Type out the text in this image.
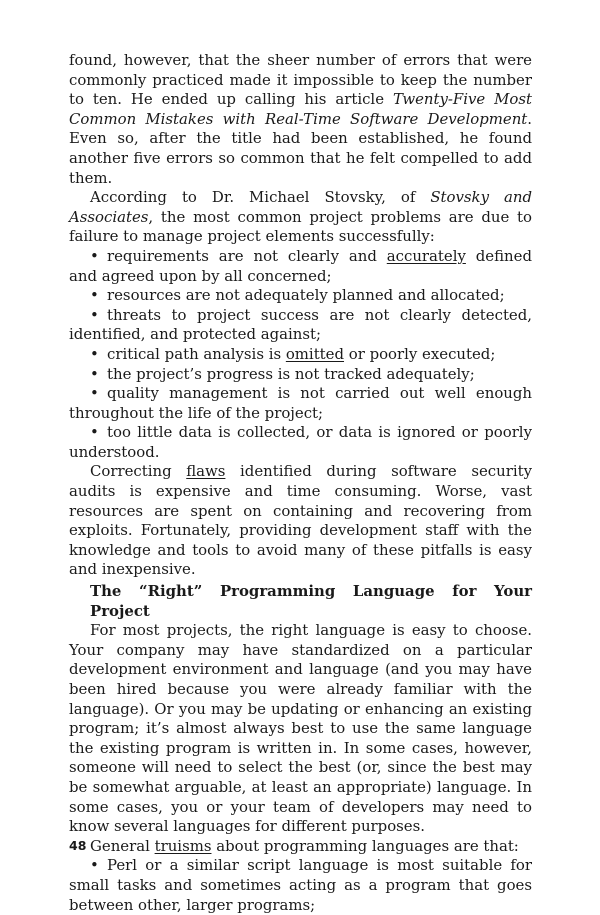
found, however, that the sheer number of errors that were commonly practiced made it impossible to keep the number to ten. He ended up calling his article Twenty-Five Most Common Mistakes with Real-Time Software Development. Even so, after the title had been established, he found another five errors so common that he felt compelled to add them.

According to Dr. Michael Stovsky, of Stovsky and Associates, the most common project problems are due to failure to manage project elements successfully:

• requirements are not clearly and accurately defined and agreed upon by all concerned;

• resources are not adequately planned and allocated;

• threats to project success are not clearly detected, identified, and protected against;

• critical path analysis is omitted or poorly executed;

• the project’s progress is not tracked adequately;

• quality management is not carried out well enough throughout the life of the project;

• too little data is collected, or data is ignored or poorly understood.

Correcting flaws identified during software security audits is expensive and time consuming. Worse, vast resources are spent on containing and recovering from exploits. Fortunately, providing development staff with the knowledge and tools to avoid many of these pitfalls is easy and inexpensive.

The “Right” Programming Language for Your Project

For most projects, the right language is easy to choose. Your company may have standardized on a particular development environment and language (and you may have been hired because you were already familiar with the language). Or you may be updating or enhancing an existing program; it’s almost always best to use the same language the existing program is written in. In some cases, however, someone will need to select the best (or, since the best may be somewhat arguable, at least an appropriate) language. In some cases, you or your team of developers may need to know several languages for different purposes.

General truisms about programming languages are that:

• Perl or a similar script language is most suitable for small tasks and sometimes acting as a program that goes between other, larger programs;

48
